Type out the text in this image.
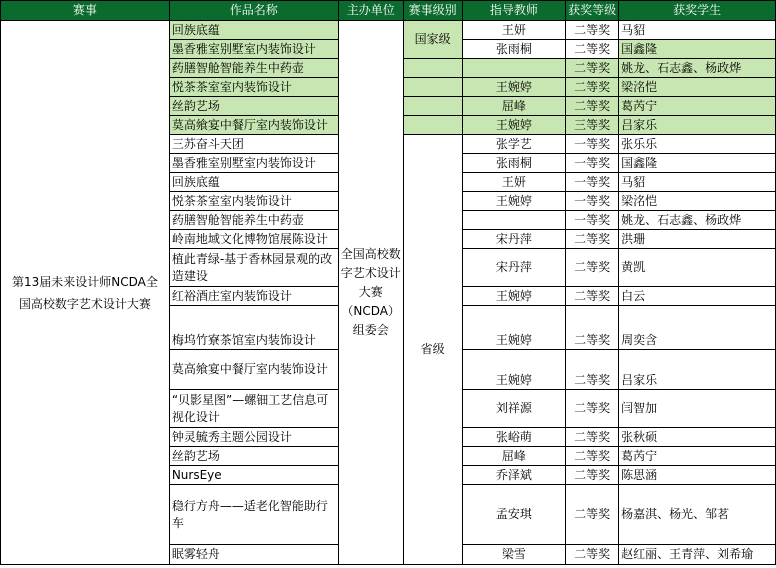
赛事	作品名称	主办单位	赛事级别	指导教师	获奖等级	获奖学生
第13届未来设计师NCDA全国高校数字艺术设计大赛	回族底蕴	全国高校数字艺术设计大赛（NCDA）组委会	国家级	王妍	二等奖	马貂
	墨香雅室别墅室内装饰设计			张雨桐	二等奖	国鑫隆
	药膳智舱智能养生中药壶				二等奖	姚龙、石志鑫、杨政烨
	悦茶茶室室内装饰设计			王婉婷	二等奖	梁洺恺
	丝韵艺场			屈峰	二等奖	葛芮宁
	莫高飨宴中餐厅室内装饰设计			王婉婷	三等奖	吕家乐
	三苏奋斗天团		省级	张学艺	一等奖	张乐乐
	墨香雅室别墅室内装饰设计			张雨桐	一等奖	国鑫隆
	回族底蕴			王妍	一等奖	马貂
	悦茶茶室室内装饰设计			王婉婷	一等奖	梁洺恺
	药膳智舱智能养生中药壶				一等奖	姚龙、石志鑫、杨政烨
	岭南地域文化博物馆展陈设计			宋丹萍	二等奖	洪珊
	植此青绿-基于香林园景观的改造建设			宋丹萍	二等奖	黄凯
	红裕酒庄室内装饰设计			王婉婷	二等奖	白云
	梅坞竹寮茶馆室内装饰设计			王婉婷	二等奖	周奕含
	莫高飨宴中餐厅室内装饰设计			王婉婷	二等奖	吕家乐
	“贝影星图”—螺钿工艺信息可视化设计			刘祥源	二等奖	闫智加
	钟灵毓秀主题公园设计			张峪萌	二等奖	张秋硕
	丝韵艺场			屈峰	二等奖	葛芮宁
	NursEye			乔泽斌	二等奖	陈思涵
	稳行方舟——适老化智能助行车			孟安琪	二等奖	杨嘉淇、杨光、邹茗
	眠雾轻舟			梁雪	二等奖	赵红丽、王青萍、刘希瑜
